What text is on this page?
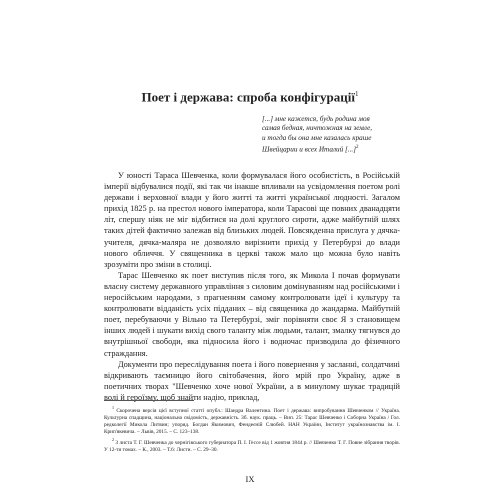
Поет і держава: спроба конфігурації$^1$
[...] мне кажется, будь родина моя
самая бедная, ничтожная на земле,
и тогда бы она мне казалась краше
Швейцарии и всех Италий [...]$^2$

У юності Тараса Шевченка, коли формувалася його особистість, в Російській імперії відбувалися події, які так чи інакше впливали на усвідомлення поетом ролі держави і верховної влади у його житті та житті української людності. Загалом прихід 1825 р. на престол нового імператора, коли Тарасові ще повних дванадцяти літ, спершу ніяк не міг відбитися на долі круглого сироти, адже майбутній шлях таких дітей фактично залежав від близьких людей. Повсякденна прислуга у дячка-учителя, дячка-маляра не дозволяло вирізнити прихід у Петербурзі до влади нового обличчя. У священника в церкві також мало що можна було навіть зрозуміти про зміни в столиці.

Тарас Шевченко як поет виступив після того, як Микола І почав формувати власну систему державного управління з силовим домінуванням над російськими і неросійським народами, з прагненням самому контролювати ідеї і культуру та контролювати відданість усіх підданих – від священика до жандарма. Майбутній поет, перебуваючи у Вільно та Петербурзі, зміг порівняти своє Я з становищем інших людей і шукати вихід свого таланту між людьми, талант, змалку тягнувся до внутрішньої свободи, яка підносила його і водночас призводила до фізичного страждання.

Документи про переслідування поета і його повернення у засланні, солдатчині відкривають таємницю його світобачення, його мрій про Україну, адже в поетичних творах "Шевченко хоче нової України, а в минулому шукає традицій волі й героїзму, щоб знайти надію, приклад,

$^1$ Скорочена версія цієї вступної статті опубл.: Шандра Валентина. Поет і держава: випробування Шевченком // Україна. Культурна спадщина, національна свідомість, державність. Зб. наук. праць. – Вип. 25: Тарас Шевченко і Соборна Україна / Гол. редколегії Микола Литвин; упоряд. Богдан Якимович, Фендеєній Слюбей. НАН України, Інститут українознавства ім. І. Крип'якевича. – Львів, 2015. – С. 123–138.

$^2$ З листа Т. Г. Шевченка до чернігівського губернатора П. І. Гессе від 1 жовтня 1844 р. // Шевченко Т. Г. Повне зібрання творів. У 12-ти томах. – К., 2003. – Т.6: Листи. – С. 29–30.

IX
